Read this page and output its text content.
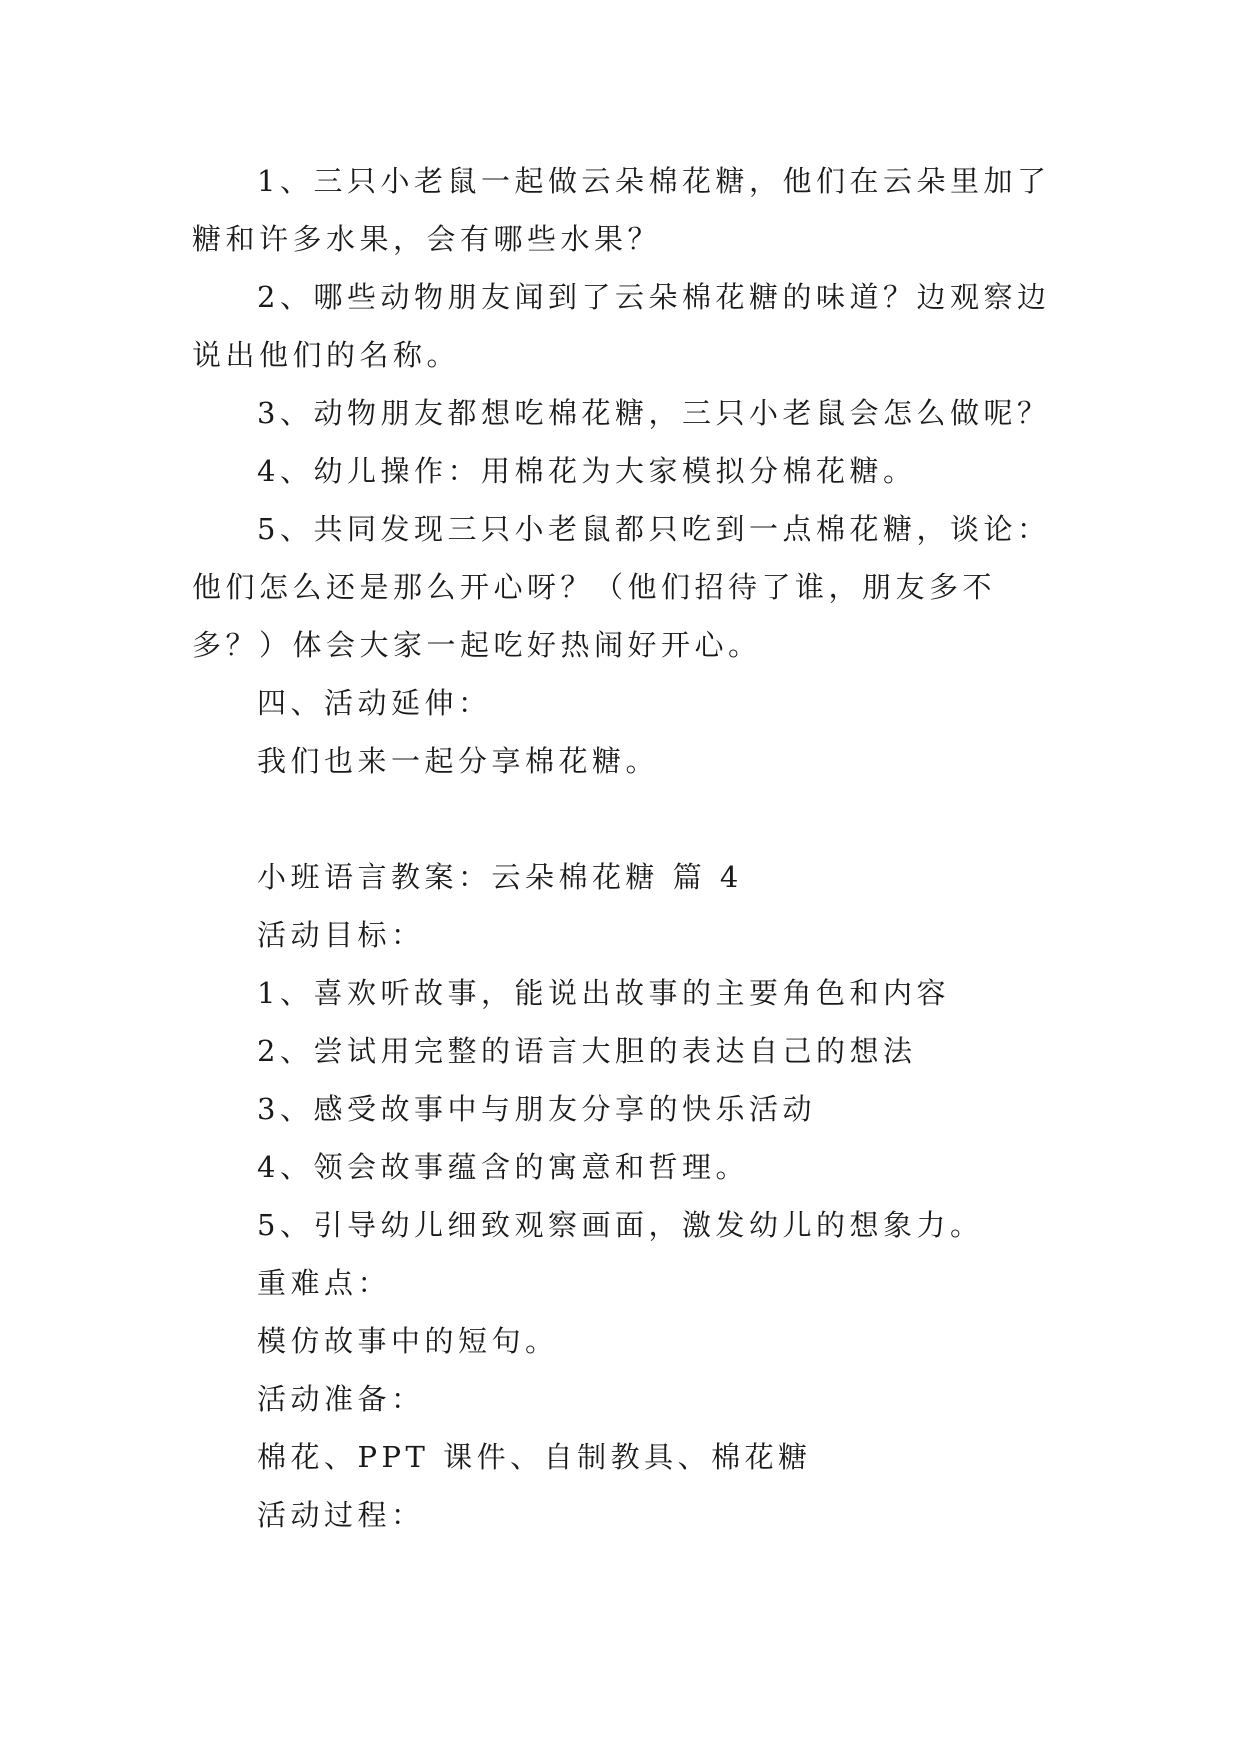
1、三只小老鼠一起做云朵棉花糖，他们在云朵里加了糖和许多水果，会有哪些水果？

2、哪些动物朋友闻到了云朵棉花糖的味道？边观察边说出他们的名称。

3、动物朋友都想吃棉花糖，三只小老鼠会怎么做呢？

4、幼儿操作：用棉花为大家模拟分棉花糖。

5、共同发现三只小老鼠都只吃到一点棉花糖，谈论：他们怎么还是那么开心呀？（他们招待了谁，朋友多不多？）体会大家一起吃好热闹好开心。

四、活动延伸：

我们也来一起分享棉花糖。

小班语言教案：云朵棉花糖 篇 4

活动目标：

1、喜欢听故事，能说出故事的主要角色和内容

2、尝试用完整的语言大胆的表达自己的想法

3、感受故事中与朋友分享的快乐活动

4、领会故事蕴含的寓意和哲理。

5、引导幼儿细致观察画面，激发幼儿的想象力。

重难点：

模仿故事中的短句。

活动准备：

棉花、PPT 课件、自制教具、棉花糖

活动过程：
